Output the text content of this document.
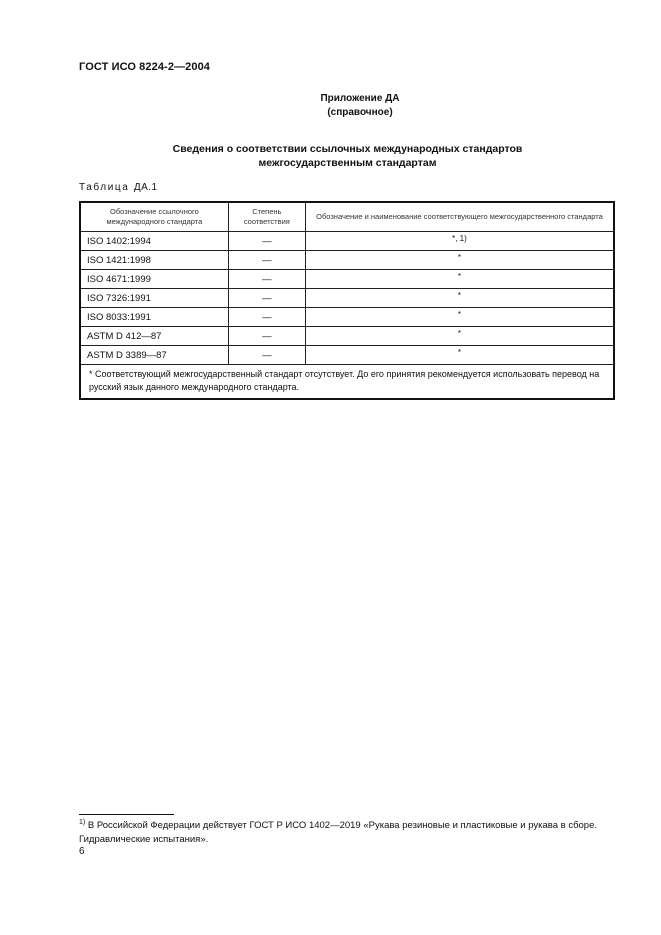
ГОСТ ИСО 8224-2—2004
Приложение ДА
(справочное)
Сведения о соответствии ссылочных международных стандартов
межгосударственным стандартам
Таблица ДА.1
Обозначение ссылочного международного стандарта	Степень соответствия	Обозначение и наименование соответствующего межгосударственного стандарта
ISO 1402:1994	—	$^{*, 1)}$
ISO 1421:1998	—	*
ISO 4671:1999	—	*
ISO 7326:1991	—	*
ISO 8033:1991	—	*
ASTM D 412—87	—	*
ASTM D 3389—87	—	*
* Соответствующий межгосударственный стандарт отсутствует. До его принятия рекомендуется использовать перевод на русский язык данного международного стандарта.		
$^{1)}$ В Российской Федерации действует ГОСТ Р ИСО 1402—2019 «Рукава резиновые и пластиковые и рукава в сборе. Гидравлические испытания».
6
